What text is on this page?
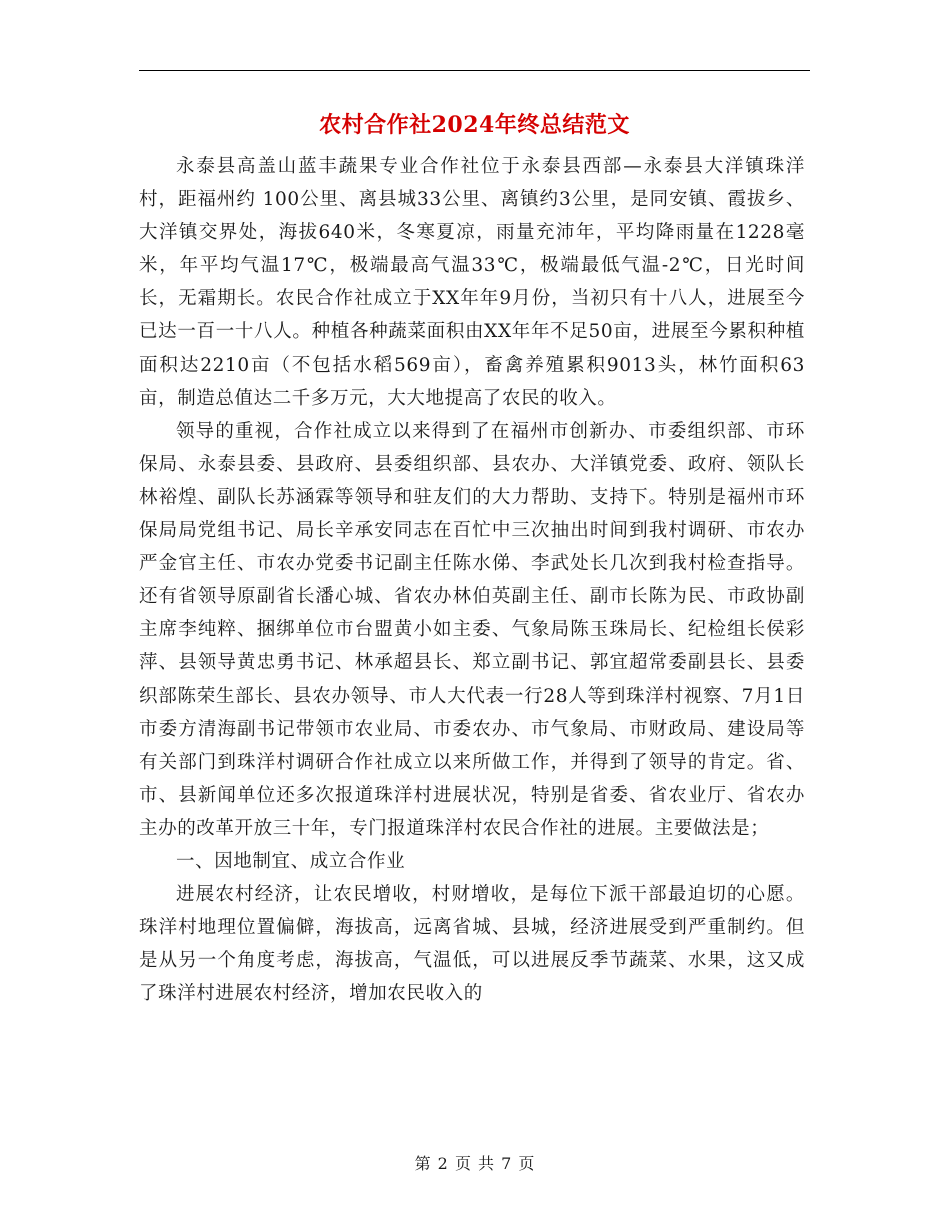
农村合作社2024年终总结范文

永泰县高盖山蓝丰蔬果专业合作社位于永泰县西部—永泰县大洋镇珠洋村，距福州约 100公里、离县城33公里、离镇约3公里，是同安镇、霞拔乡、大洋镇交界处，海拔640米，冬寒夏凉，雨量充沛年，平均降雨量在1228毫米，年平均气温17℃，极端最高气温33℃，极端最低气温-2℃，日光时间长，无霜期长。农民合作社成立于XX年年9月份，当初只有十八人，进展至今已达一百一十八人。种植各种蔬菜面积由XX年年不足50亩，进展至今累积种植面积达2210亩（不包括水稻569亩），畜禽养殖累积9013头，林竹面积63亩，制造总值达二千多万元，大大地提高了农民的收入。

领导的重视，合作社成立以来得到了在福州市创新办、市委组织部、市环保局、永泰县委、县政府、县委组织部、县农办、大洋镇党委、政府、领队长林裕煌、副队长苏涵霖等领导和驻友们的大力帮助、支持下。特别是福州市环保局局党组书记、局长辛承安同志在百忙中三次抽出时间到我村调研、市农办严金官主任、市农办党委书记副主任陈水俤、李武处长几次到我村检查指导。还有省领导原副省长潘心城、省农办林伯英副主任、副市长陈为民、市政协副主席李纯粹、捆绑单位市台盟黄小如主委、气象局陈玉珠局长、纪检组长侯彩萍、县领导黄忠勇书记、林承超县长、郑立副书记、郭宜超常委副县长、县委织部陈荣生部长、县农办领导、市人大代表一行28人等到珠洋村视察、7月1日市委方清海副书记带领市农业局、市委农办、市气象局、市财政局、建设局等有关部门到珠洋村调研合作社成立以来所做工作，并得到了领导的肯定。省、市、县新闻单位还多次报道珠洋村进展状况，特别是省委、省农业厅、省农办主办的改革开放三十年，专门报道珠洋村农民合作社的进展。主要做法是；

一、因地制宜、成立合作业

进展农村经济，让农民增收，村财增收，是每位下派干部最迫切的心愿。珠洋村地理位置偏僻，海拔高，远离省城、县城，经济进展受到严重制约。但是从另一个角度考虑，海拔高，气温低，可以进展反季节蔬菜、水果，这又成了珠洋村进展农村经济，增加农民收入的

第 2 页 共 7 页
